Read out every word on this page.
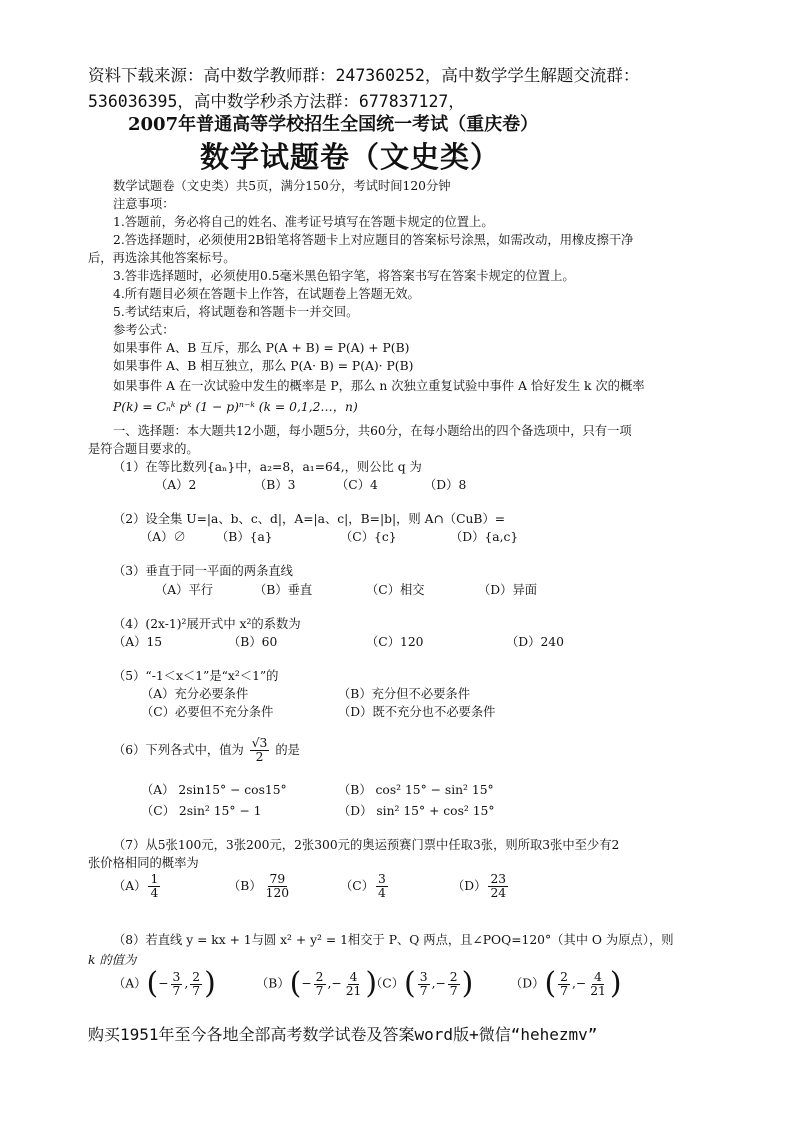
资料下载来源：高中数学教师群：247360252，高中数学学生解题交流群：
536036395，高中数学秒杀方法群：677837127，
2007年普通高等学校招生全国统一考试（重庆卷）
数学试题卷（文史类）
数学试题卷（文史类）共5页，满分150分，考试时间120分钟
注意事项：
1.答题前，务必将自己的姓名、准考证号填写在答题卡规定的位置上。
2.答选择题时，必须使用2B铅笔将答题卡上对应题目的答案标号涂黑，如需改动，用橡皮擦干净
后，再选涂其他答案标号。
3.答非选择题时，必须使用0.5毫米黑色铅字笔，将答案书写在答案卡规定的位置上。
4.所有题目必须在答题卡上作答，在试题卷上答题无效。
5.考试结束后，将试题卷和答题卡一并交回。
参考公式：
如果事件 A、B 互斥，那么 P(A + B) = P(A) + P(B)
如果事件 A、B 相互独立，那么 P(A· B) = P(A)· P(B)
如果事件 A 在一次试验中发生的概率是 P，那么 n 次独立重复试验中事件 A 恰好发生 k 次的概率
P(k) = Cₙᵏ pᵏ (1 − p)ⁿ⁻ᵏ (k = 0,1,2…，n)
一、选择题：本大题共12小题，每小题5分，共60分，在每小题给出的四个备选项中，只有一项
是符合题目要求的。
（1）在等比数列{aₙ}中，a₂=8，a₁=64,，则公比 q 为
（A）2	（B）3	（C）4	（D）8
（2）设全集 U=|a、b、c、d|，A=|a、c|，B=|b|，则 A∩（CuB）=
（A）∅ （B）{a}	（C）{c}	（D）{a,c}
（3）垂直于同一平面的两条直线
（A）平行	（B）垂直	（C）相交	（D）异面
（4）(2x-1)²展开式中 x²的系数为
（A）15	（B）60	（C）120	（D）240
（5）“-1＜x＜1”是“x²＜1”的
（A）充分必要条件	（B）充分但不必要条件
（C）必要但不充分条件	（D）既不充分也不必要条件
（6）下列各式中，值为 $\frac{√3}{2}$ 的是
（A） 2sin15° − cos15°	（B） cos² 15° − sin² 15°
（C） 2sin² 15° − 1	（D） sin² 15° + cos² 15°
（7）从5张100元，3张200元，2张300元的奥运预赛门票中任取3张，则所取3张中至少有2
张价格相同的概率为
$(A) \frac{1}{4}$	$(B) \frac{79}{120}$	$(C) \frac{3}{4}$	$(D) \frac{23}{24}$
（8）若直线 y = kx + 1与圆 x² + y² = 1相交于 P、Q 两点，且∠POQ=120°（其中 O 为原点），则
k 的值为
$(A)(- \frac{3}{7}$ , $\frac{2}{7}$ )	$(B)(- \frac{2}{7}$ ,− $\frac{4}{21}$ )
$(C)( \frac{3}{7}$ ,− $\frac{2}{7}$ )	$(D)( \frac{2}{7}$ ,− $\frac{4}{21}$ )
购买1951年至今各地全部高考数学试卷及答案word版+微信“hehezmv”
